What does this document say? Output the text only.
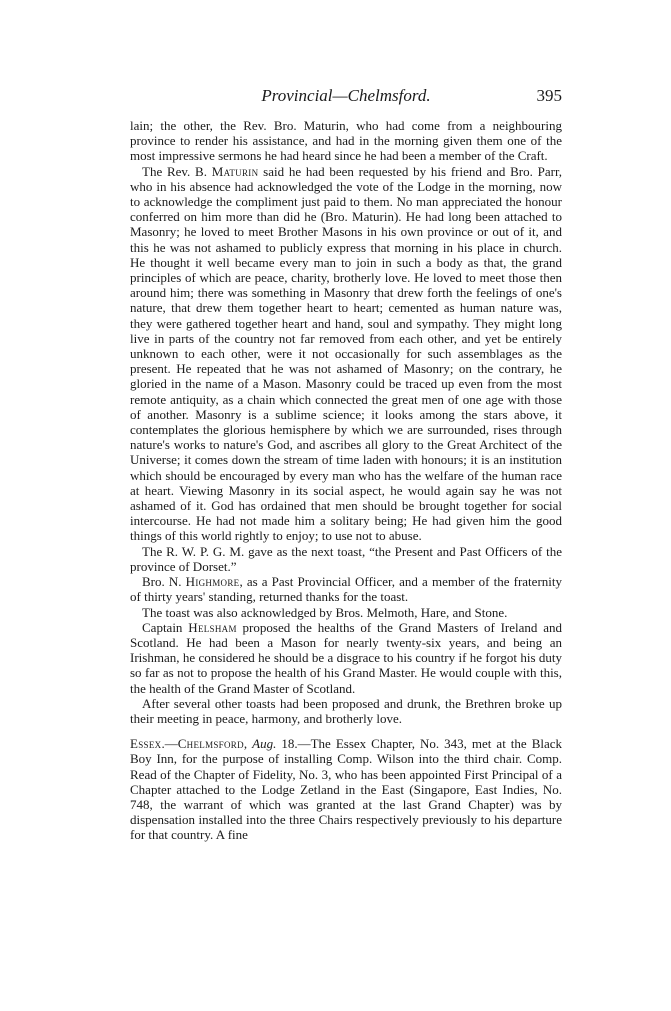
Provincial—Chelmsford.	395

lain; the other, the Rev. Bro. Maturin, who had come from a neighbouring province to render his assistance, and had in the morning given them one of the most impressive sermons he had heard since he had been a member of the Craft.

The Rev. B. Maturin said he had been requested by his friend and Bro. Parr, who in his absence had acknowledged the vote of the Lodge in the morning, now to acknowledge the compliment just paid to them. No man appreciated the honour conferred on him more than did he (Bro. Maturin). He had long been attached to Masonry; he loved to meet Brother Masons in his own province or out of it, and this he was not ashamed to publicly express that morning in his place in church. He thought it well became every man to join in such a body as that, the grand principles of which are peace, charity, brotherly love. He loved to meet those then around him; there was something in Masonry that drew forth the feelings of one's nature, that drew them together heart to heart; cemented as human nature was, they were gathered together heart and hand, soul and sympathy. They might long live in parts of the country not far removed from each other, and yet be entirely unknown to each other, were it not occasionally for such assemblages as the present. He repeated that he was not ashamed of Masonry; on the contrary, he gloried in the name of a Mason. Masonry could be traced up even from the most remote antiquity, as a chain which connected the great men of one age with those of another. Masonry is a sublime science; it looks among the stars above, it contemplates the glorious hemisphere by which we are surrounded, rises through nature's works to nature's God, and ascribes all glory to the Great Architect of the Universe; it comes down the stream of time laden with honours; it is an institution which should be encouraged by every man who has the welfare of the human race at heart. Viewing Masonry in its social aspect, he would again say he was not ashamed of it. God has ordained that men should be brought together for social intercourse. He had not made him a solitary being; He had given him the good things of this world rightly to enjoy; to use not to abuse.

The R. W. P. G. M. gave as the next toast, “the Present and Past Officers of the province of Dorset.”

Bro. N. Highmore, as a Past Provincial Officer, and a member of the fraternity of thirty years' standing, returned thanks for the toast.

The toast was also acknowledged by Bros. Melmoth, Hare, and Stone.

Captain Helsham proposed the healths of the Grand Masters of Ireland and Scotland. He had been a Mason for nearly twenty-six years, and being an Irishman, he considered he should be a disgrace to his country if he forgot his duty so far as not to propose the health of his Grand Master. He would couple with this, the health of the Grand Master of Scotland.

After several other toasts had been proposed and drunk, the Brethren broke up their meeting in peace, harmony, and brotherly love.

Essex.—Chelmsford, Aug. 18.—The Essex Chapter, No. 343, met at the Black Boy Inn, for the purpose of installing Comp. Wilson into the third chair. Comp. Read of the Chapter of Fidelity, No. 3, who has been appointed First Principal of a Chapter attached to the Lodge Zetland in the East (Singapore, East Indies, No. 748, the warrant of which was granted at the last Grand Chapter) was by dispensation installed into the three Chairs respectively previously to his departure for that country. A fine
